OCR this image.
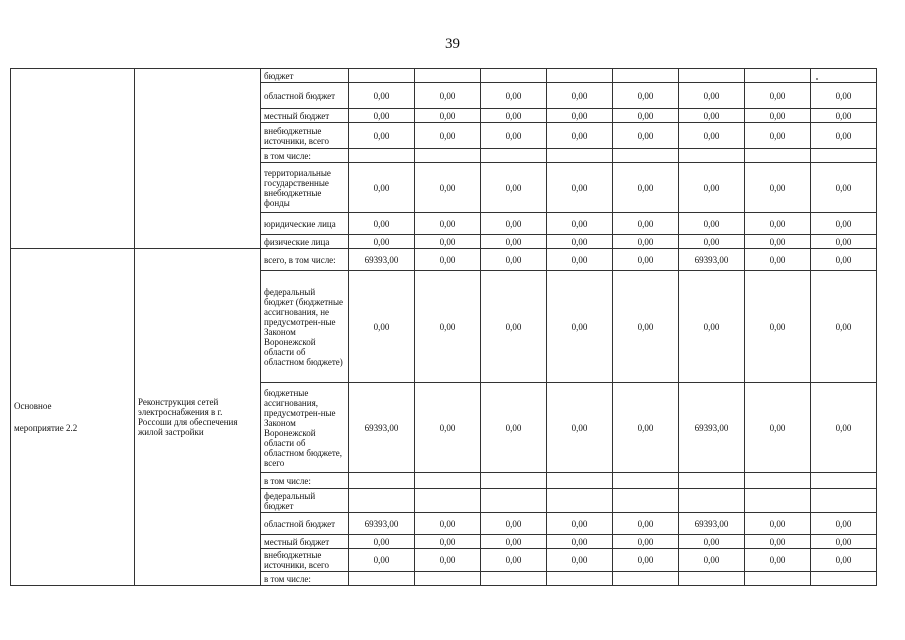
39
		бюджет								
		областной бюджет	0,00	0,00	0,00	0,00	0,00	0,00	0,00	0,00
		местный бюджет	0,00	0,00	0,00	0,00	0,00	0,00	0,00	0,00
		внебюджетные источники, всего	0,00	0,00	0,00	0,00	0,00	0,00	0,00	0,00
		в том числе:								
		территориальные государственные внебюджетные фонды	0,00	0,00	0,00	0,00	0,00	0,00	0,00	0,00
		юридические лица	0,00	0,00	0,00	0,00	0,00	0,00	0,00	0,00
		физические лица	0,00	0,00	0,00	0,00	0,00	0,00	0,00	0,00

Основное
мероприятие 2.2	Реконструкция сетей электроснабжения в г. Россоши для обеспечения жилой застройки	всего, в том числе:	69393,00	0,00	0,00	0,00	0,00	69393,00	0,00	0,00
		федеральный бюджет (бюджетные ассигнования, не предусмотрен-ные Законом Воронежской области об областном бюджете)	0,00	0,00	0,00	0,00	0,00	0,00	0,00	0,00
		бюджетные ассигнования, предусмотрен-ные Законом Воронежской области об областном бюджете, всего	69393,00	0,00	0,00	0,00	0,00	69393,00	0,00	0,00
		в том числе:								
		федеральный бюджет								
		областной бюджет	69393,00	0,00	0,00	0,00	0,00	69393,00	0,00	0,00
		местный бюджет	0,00	0,00	0,00	0,00	0,00	0,00	0,00	0,00
		внебюджетные источники, всего	0,00	0,00	0,00	0,00	0,00	0,00	0,00	0,00
		в том числе:								
